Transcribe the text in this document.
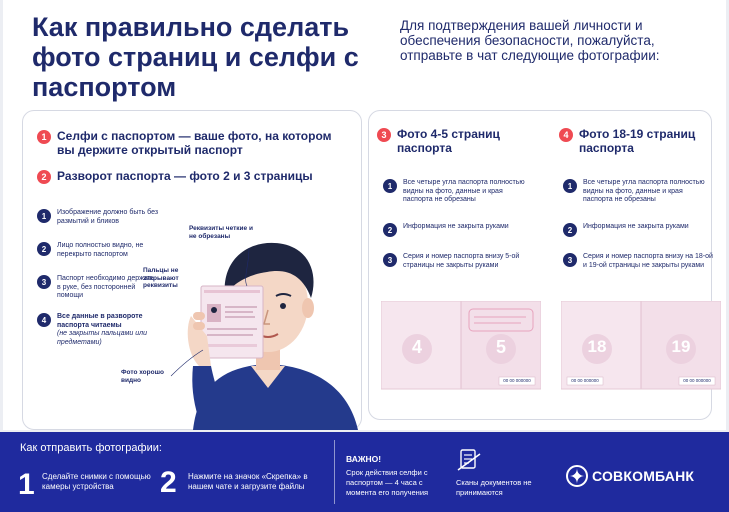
Как правильно сделать фото страниц и селфи с паспортом
Для подтверждения вашей личности и обеспечения безопасности, пожалуйста, отправьте в чат следующие фотографии:
1 Селфи с паспортом — ваше фото, на котором вы держите открытый паспорт
2 Разворот паспорта — фото 2 и 3 страницы
1	Изображение должно быть без размытий и бликов
2	Лицо полностью видно, не перекрыто паспортом
3	Паспорт необходимо держать в руке, без посторонней помощи
4	Все данные в развороте паспорта читаемы
(не закрыты пальцами или предметами)
Реквизиты четкие и не обрезаны
Пальцы не закрывают реквизиты
Фото хорошо видно
3 Фото 4-5 страниц паспорта
4 Фото 18-19 страниц паспорта
1	Все четыре угла паспорта полностью видны на фото, данные и края паспорта не обрезаны
2	Информация не закрыта руками
3	Серия и номер паспорта внизу 5-ой страницы не закрыты руками
1	Все четыре угла паспорта полностью видны на фото, данные и края паспорта не обрезаны
2	Информация не закрыта руками
3	Серия и номер паспорта внизу на 18-ой и 19-ой страницы не закрыты руками
4	5
00 00 000000
18	19
00 00 000000	00 00 000000
Как отправить фотографии:
1 Сделайте снимки с помощью камеры устройства	2 Нажмите на значок «Скрепка» в нашем чате и загрузите файлы
ВАЖНО!
Срок действия селфи с паспортом — 4 часа с момента его получения
Сканы документов не принимаются
СОВКОМБАНК
